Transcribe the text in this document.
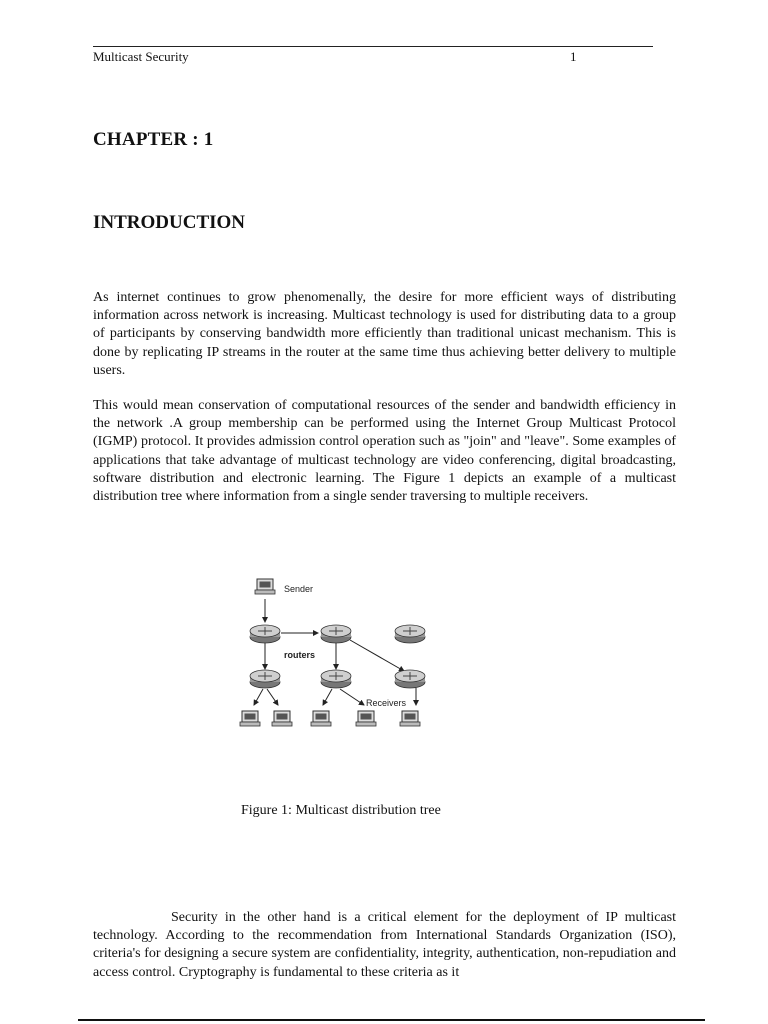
Multicast Security	1
CHAPTER : 1
INTRODUCTION

As internet continues to grow phenomenally, the desire for more efficient ways of distributing information across network is increasing. Multicast technology is used for distributing data to a group of participants by conserving bandwidth more efficiently than traditional unicast mechanism. This is done by replicating IP streams in the router at the same time thus achieving better delivery to multiple users.

This would mean conservation of computational resources of the sender and bandwidth efficiency in the network .A group membership can be performed using the Internet Group Multicast Protocol (IGMP) protocol. It provides admission control operation such as "join" and "leave". Some examples of applications that take advantage of multicast technology are video conferencing, digital broadcasting, software distribution and electronic learning. The Figure 1 depicts an example of a multicast distribution tree where information from a single sender traversing to multiple receivers.

Sender
routers
Receivers
Figure 1: Multicast distribution tree

Security in the other hand is a critical element for the deployment of IP multicast technology. According to the recommendation from International Standards Organization (ISO), criteria's for designing a secure system are confidentiality, integrity, authentication, non-repudiation and access control. Cryptography is fundamental to these criteria as it
